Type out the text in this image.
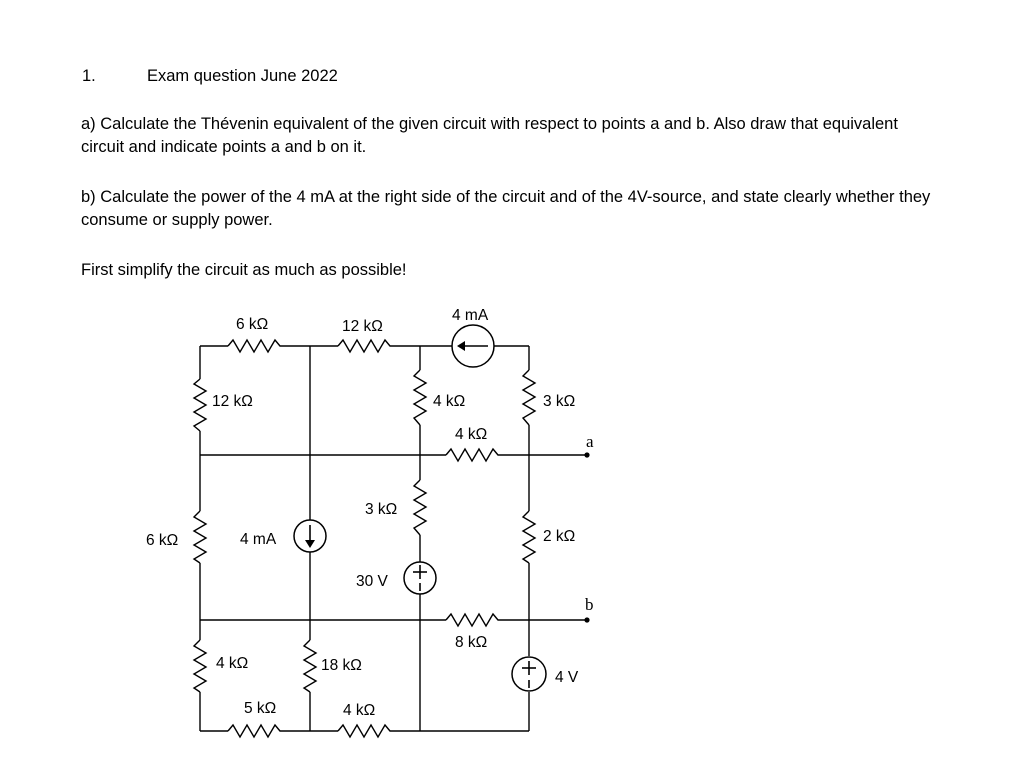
1.	Exam question June 2022
a) Calculate the Thévenin equivalent of the given circuit with respect to points a and b. Also draw that equivalent circuit and indicate points a and b on it.
b) Calculate the power of the 4 mA at the right side of the circuit and of the 4V-source, and state clearly whether they consume or supply power.
First simplify the circuit as much as possible!
6 kΩ	12 kΩ
4 mA
12 kΩ	4 kΩ	3 kΩ
4 kΩ	a
3 kΩ
6 kΩ	4 mA	2 kΩ
30 V
b
8 kΩ
4 kΩ	18 kΩ
4 V
5 kΩ	4 kΩ
